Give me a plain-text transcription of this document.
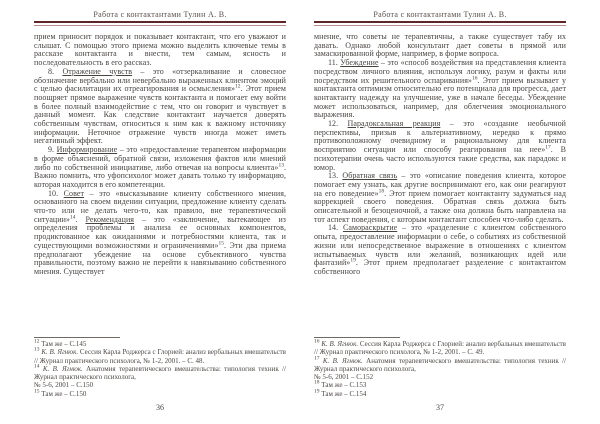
Работа с контактантами Тулин А. В.

прием приносит порядок и показывает контактант, что его уважают и слышат. С помощью этого приема можно выделить ключевые темы в рассказе контактанта и внести, тем самым, ясность и последовательность в его рассказ.

8. Отражение чувств – это «отзеркаливание и словесное обозначение вербально или невербально выраженных клиентом эмоций с целью фасилитации их отреагирования и осмысления»$^{12}$. Этот прием поощряет прямое выражение чувств контактанта и помогает ему войти в более полный взаимодействие с тем, что он говорит и чувствует в данный момент. Как следствие контактант научается доверять собственным чувствам, относиться к ним как к важному источнику информации. Неточное отражение чувств иногда может иметь негативный эффект.

9. Информирование – это «предоставление терапевтом информации в форме объяснений, обратной связи, изложения фактов или мнений либо по собственной инициативе, либо отвечая на вопросы клиента»$^{13}$. Важно помнить, что уфопсихолог может давать только ту информацию, которая находится в его компетенции.

10. Совет – это «высказывание клиенту собственного мнения, основанного на своем видении ситуации, предложение клиенту сделать что-то или не делать чего-то, как правило, вне терапевтической ситуации»$^{14}$. Рекомендация – это «заключение, вытекающее из определения проблемы и анализа ее основных компонентов, продиктованное как ожиданиями и потребностями клиента, так и существующими возможностями и ограничениями»$^{15}$. Эти два приема предполагают убеждение на основе субъективного чувства правильности, поэтому важно не перейти к навязыванию собственного мнения. Существует

$^{12}$ Там же – С.145
$^{13}$ К. В. Ягнюк. Сессия Карла Роджерса с Глорией: анализ вербальных вмешательств // Журнал практического психолога, № 1-2, 2001. – С. 48.
$^{14}$ К. В. Ягнюк. Анатомия терапевтического вмешательства: типология техник // Журнал практического психолога,
№ 5-6, 2001 – С.150
$^{15}$ Там же – С.150
36
Работа с контактантами Тулин А. В.

мнение, что советы не терапевтичны, а также существует табу их давать. Однако любой консультант дает советы в прямой или замаскированной форме, например, в форме вопроса.

11. Убеждение – это «способ воздействия на представления клиента посредством личного влияния, используя логику, разум и факты или посредством их решительного оспаривания»$^{16}$. Этот прием вызывает у контактанта оптимизм относительно его потенциала для прогресса, дает контактанту надежду на улучшение, уже в начале беседы. Убеждение может использоваться, например, для облегчения эмоционального выражения.

12. Парадоксальная реакция – это «создание необычной перспективы, призыв к альтернативному, нередко к прямо противоположному очевидному и рациональному для клиента восприятию ситуации или способу реагирования на нее»$^{17}$. В психотерапии очень часто используются такие средства, как парадокс и юмор.

13. Обратная связь – это «описание поведения клиента, которое помогает ему узнать, как другие воспринимают его, как они реагируют на его поведение»$^{18}$. Этот прием помогает контактанту задуматься над коррекцией своего поведения. Обратная связь должна быть описательной и безоценочной, а также она должна быть направлена на тот аспект поведения, с которым контактант способен что-либо сделать.

14. Самораскрытие – это «разделение с клиентом собственного опыта, предоставление информации о себе, о событиях из собственной жизни или непосредственное выражение в отношениях с клиентом испытываемых чувств или желаний, возникающих идей или фантазий»$^{19}$. Этот прием предполагает разделение с контактантом собственного

$^{16}$ К. В. Ягнюк. Сессия Карла Роджерса с Глорией: анализ вербальных вмешательств // Журнал практического психолога, № 1-2, 2001. – С. 49.
$^{17}$ К. В. Ягнюк. Анатомия терапевтического вмешательства: типология техник // Журнал практического психолога,
№ 5-6, 2001 – С.152
$^{18}$ Там же – С.153
$^{19}$ Там же – С.154
37
